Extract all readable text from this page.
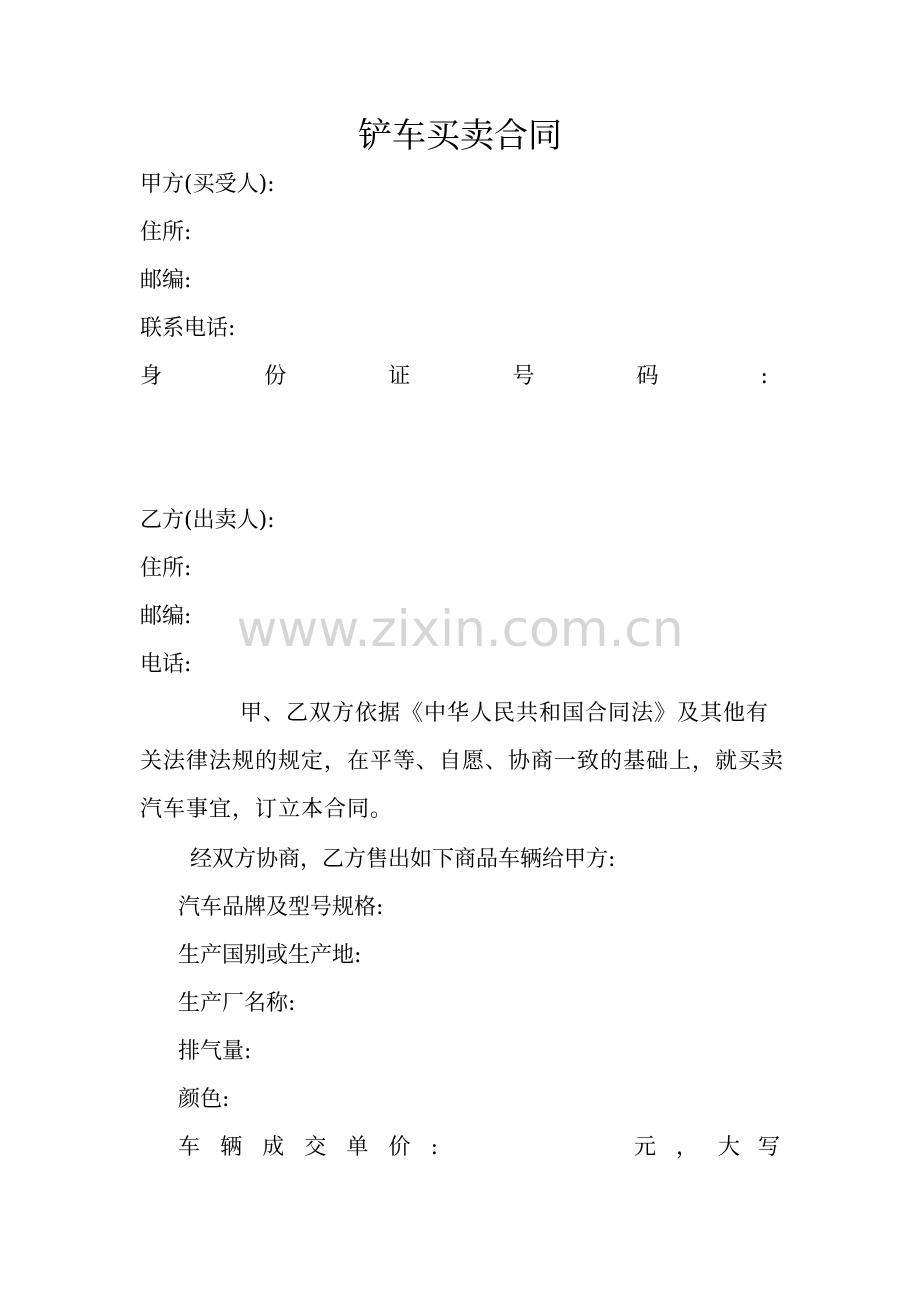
铲车买卖合同
甲方(买受人):
住所:
邮编:
联系电话:
身	份	证	号	码	:
乙方(出卖人):
住所:
邮编:
电话:
甲、乙双方依据《中华人民共和国合同法》及其他有关法律法规的规定，在平等、自愿、协商一致的基础上，就买卖汽车事宜，订立本合同。
经双方协商，乙方售出如下商品车辆给甲方:
汽车品牌及型号规格:
生产国别或生产地:
生产厂名称:
排气量:
颜色:
车 辆 成 交 单 价 :	元 ， 大 写
www.zixin.com.cn
